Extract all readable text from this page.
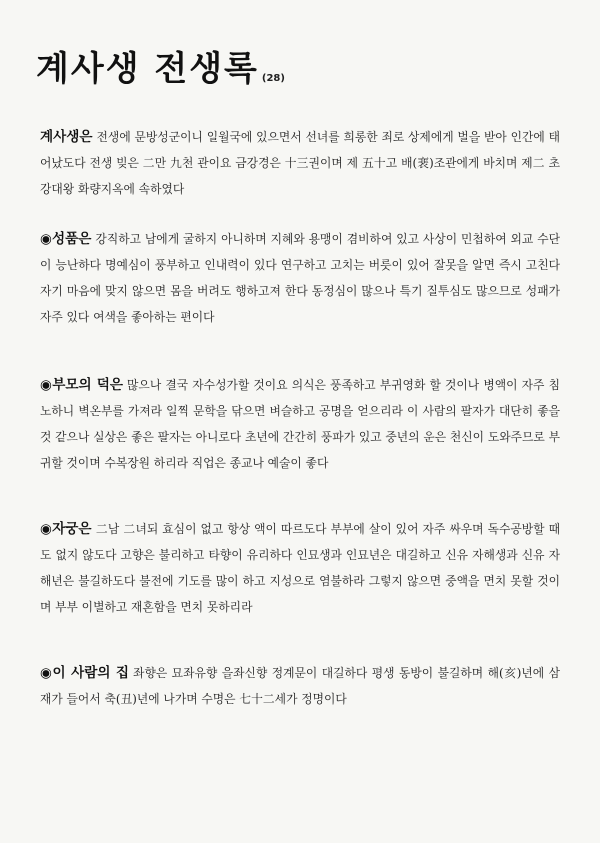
계사생 전생록 (28)

계사생은 전생에 문방성군이니 일월국에 있으면서 선녀를 희롱한 죄로 상제에게 벌을 받아 인간에 태어났도다 전생 빚은 二만 九천 관이요 금강경은 十三권이며 제 五十고 배(裵)조관에게 바치며 제二 초강대왕 화량지옥에 속하였다

◉성품은 강직하고 남에게 굴하지 아니하며 지혜와 용맹이 겸비하여 있고 사상이 민첩하여 외교 수단이 능난하다 명예심이 풍부하고 인내력이 있다 연구하고 고치는 버릇이 있어 잘못을 알면 즉시 고친다 자기 마음에 맞지 않으면 몸을 버려도 행하고져 한다 동정심이 많으나 특기 질투심도 많으므로 성패가 자주 있다 여색을 좋아하는 편이다

◉부모의 덕은 많으나 결국 자수성가할 것이요 의식은 풍족하고 부귀영화 할 것이나 병액이 자주 침노하니 벽온부를 가져라 일찍 문학을 닦으면 벼슬하고 공명을 얻으리라 이 사람의 팔자가 대단히 좋을 것 같으나 실상은 좋은 팔자는 아니로다 초년에 간간히 풍파가 있고 중년의 운은 천신이 도와주므로 부귀할 것이며 수복장원 하리라 직업은 종교나 예술이 좋다

◉자궁은 二남 二녀되 효심이 없고 항상 액이 따르도다 부부에 살이 있어 자주 싸우며 독수공방할 때도 없지 않도다 고향은 불리하고 타향이 유리하다 인묘생과 인묘년은 대길하고 신유 자해생과 신유 자해년은 불길하도다 불전에 기도를 많이 하고 지성으로 염불하라 그렇지 않으면 중액을 면치 못할 것이며 부부 이별하고 재혼함을 면치 못하리라

◉이 사람의 집 좌향은 묘좌유향 을좌신향 정계문이 대길하다 평생 동방이 불길하며 해(亥)년에 삼재가 들어서 축(丑)년에 나가며 수명은 七十二세가 정명이다
